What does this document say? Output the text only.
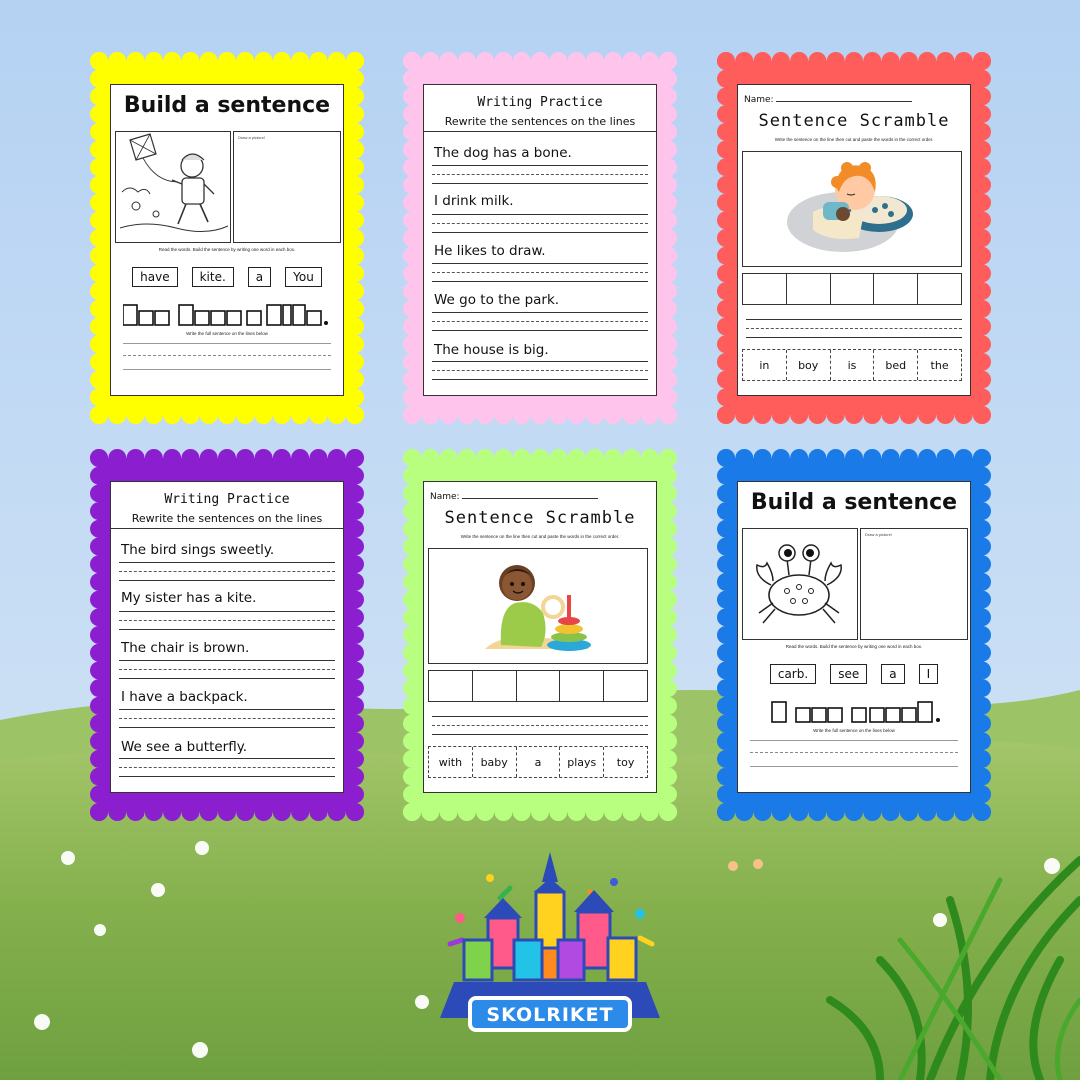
Build a sentence
Draw a picture!
Read the words. Build the sentence by writing one word in each box.
have	kite.	a	You
Write the full sentence on the lines below
Writing Practice
Rewrite the sentences on the lines
The dog has a bone.
I drink milk.
He likes to draw.
We go to the park.
The house is big.
Name:
Sentence Scramble
Write the sentence on the line then cut and paste the words in the correct order.
in	boy	is	bed	the
Writing Practice
Rewrite the sentences on the lines
The bird sings sweetly.
My sister has a kite.
The chair is brown.
I have a backpack.
We see a butterfly.
Name:
Sentence Scramble
Write the sentence on the line then cut and paste the words in the correct order.
with	baby	a	plays	toy
Build a sentence
Draw a picture!
Read the words. Build the sentence by writing one word in each box.
carb.	see	a	I
Write the full sentence on the lines below
SKOLRIKET
